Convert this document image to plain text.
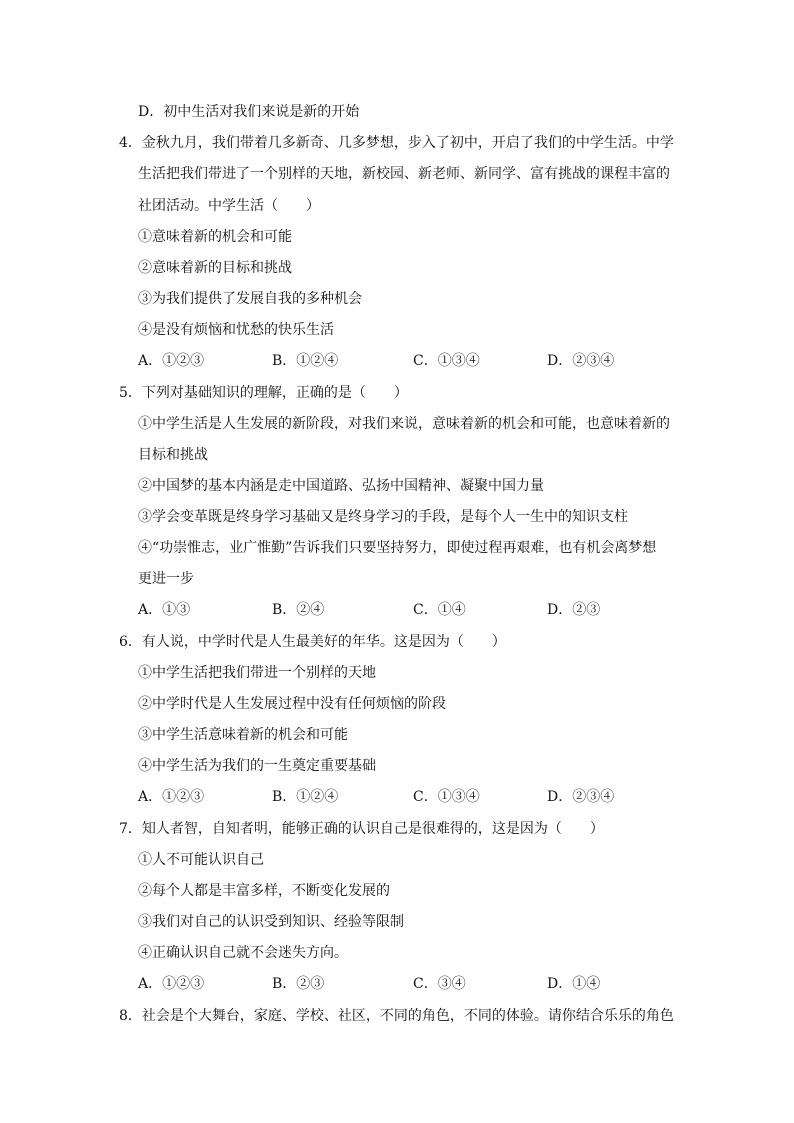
D．初中生活对我们来说是新的开始
4．金秋九月，我们带着几多新奇、几多梦想，步入了初中，开启了我们的中学生活。中学
生活把我们带进了一个别样的天地，新校园、新老师、新同学、富有挑战的课程丰富的
社团活动。中学生活（　　）
①意味着新的机会和可能
②意味着新的目标和挑战
③为我们提供了发展自我的多种机会
④是没有烦恼和忧愁的快乐生活
A．①②③	B．①②④	C．①③④	D．②③④
5．下列对基础知识的理解，正确的是（　　）
①中学生活是人生发展的新阶段，对我们来说，意味着新的机会和可能，也意味着新的
目标和挑战
②中国梦的基本内涵是走中国道路、弘扬中国精神、凝聚中国力量
③学会变革既是终身学习基础又是终身学习的手段，是每个人一生中的知识支柱
④“功崇惟志，业广惟勤”告诉我们只要坚持努力，即使过程再艰难，也有机会离梦想
更进一步
A．①③	B．②④	C．①④	D．②③
6．有人说，中学时代是人生最美好的年华。这是因为（　　）
①中学生活把我们带进一个别样的天地
②中学时代是人生发展过程中没有任何烦恼的阶段
③中学生活意味着新的机会和可能
④中学生活为我们的一生奠定重要基础
A．①②③	B．①②④	C．①③④	D．②③④
7．知人者智，自知者明，能够正确的认识自己是很难得的，这是因为（　　）
①人不可能认识自己
②每个人都是丰富多样，不断变化发展的
③我们对自己的认识受到知识、经验等限制
④正确认识自己就不会迷失方向。
A．①②③	B．②③	C．③④	D．①④
8．社会是个大舞台，家庭、学校、社区，不同的角色，不同的体验。请你结合乐乐的角色
